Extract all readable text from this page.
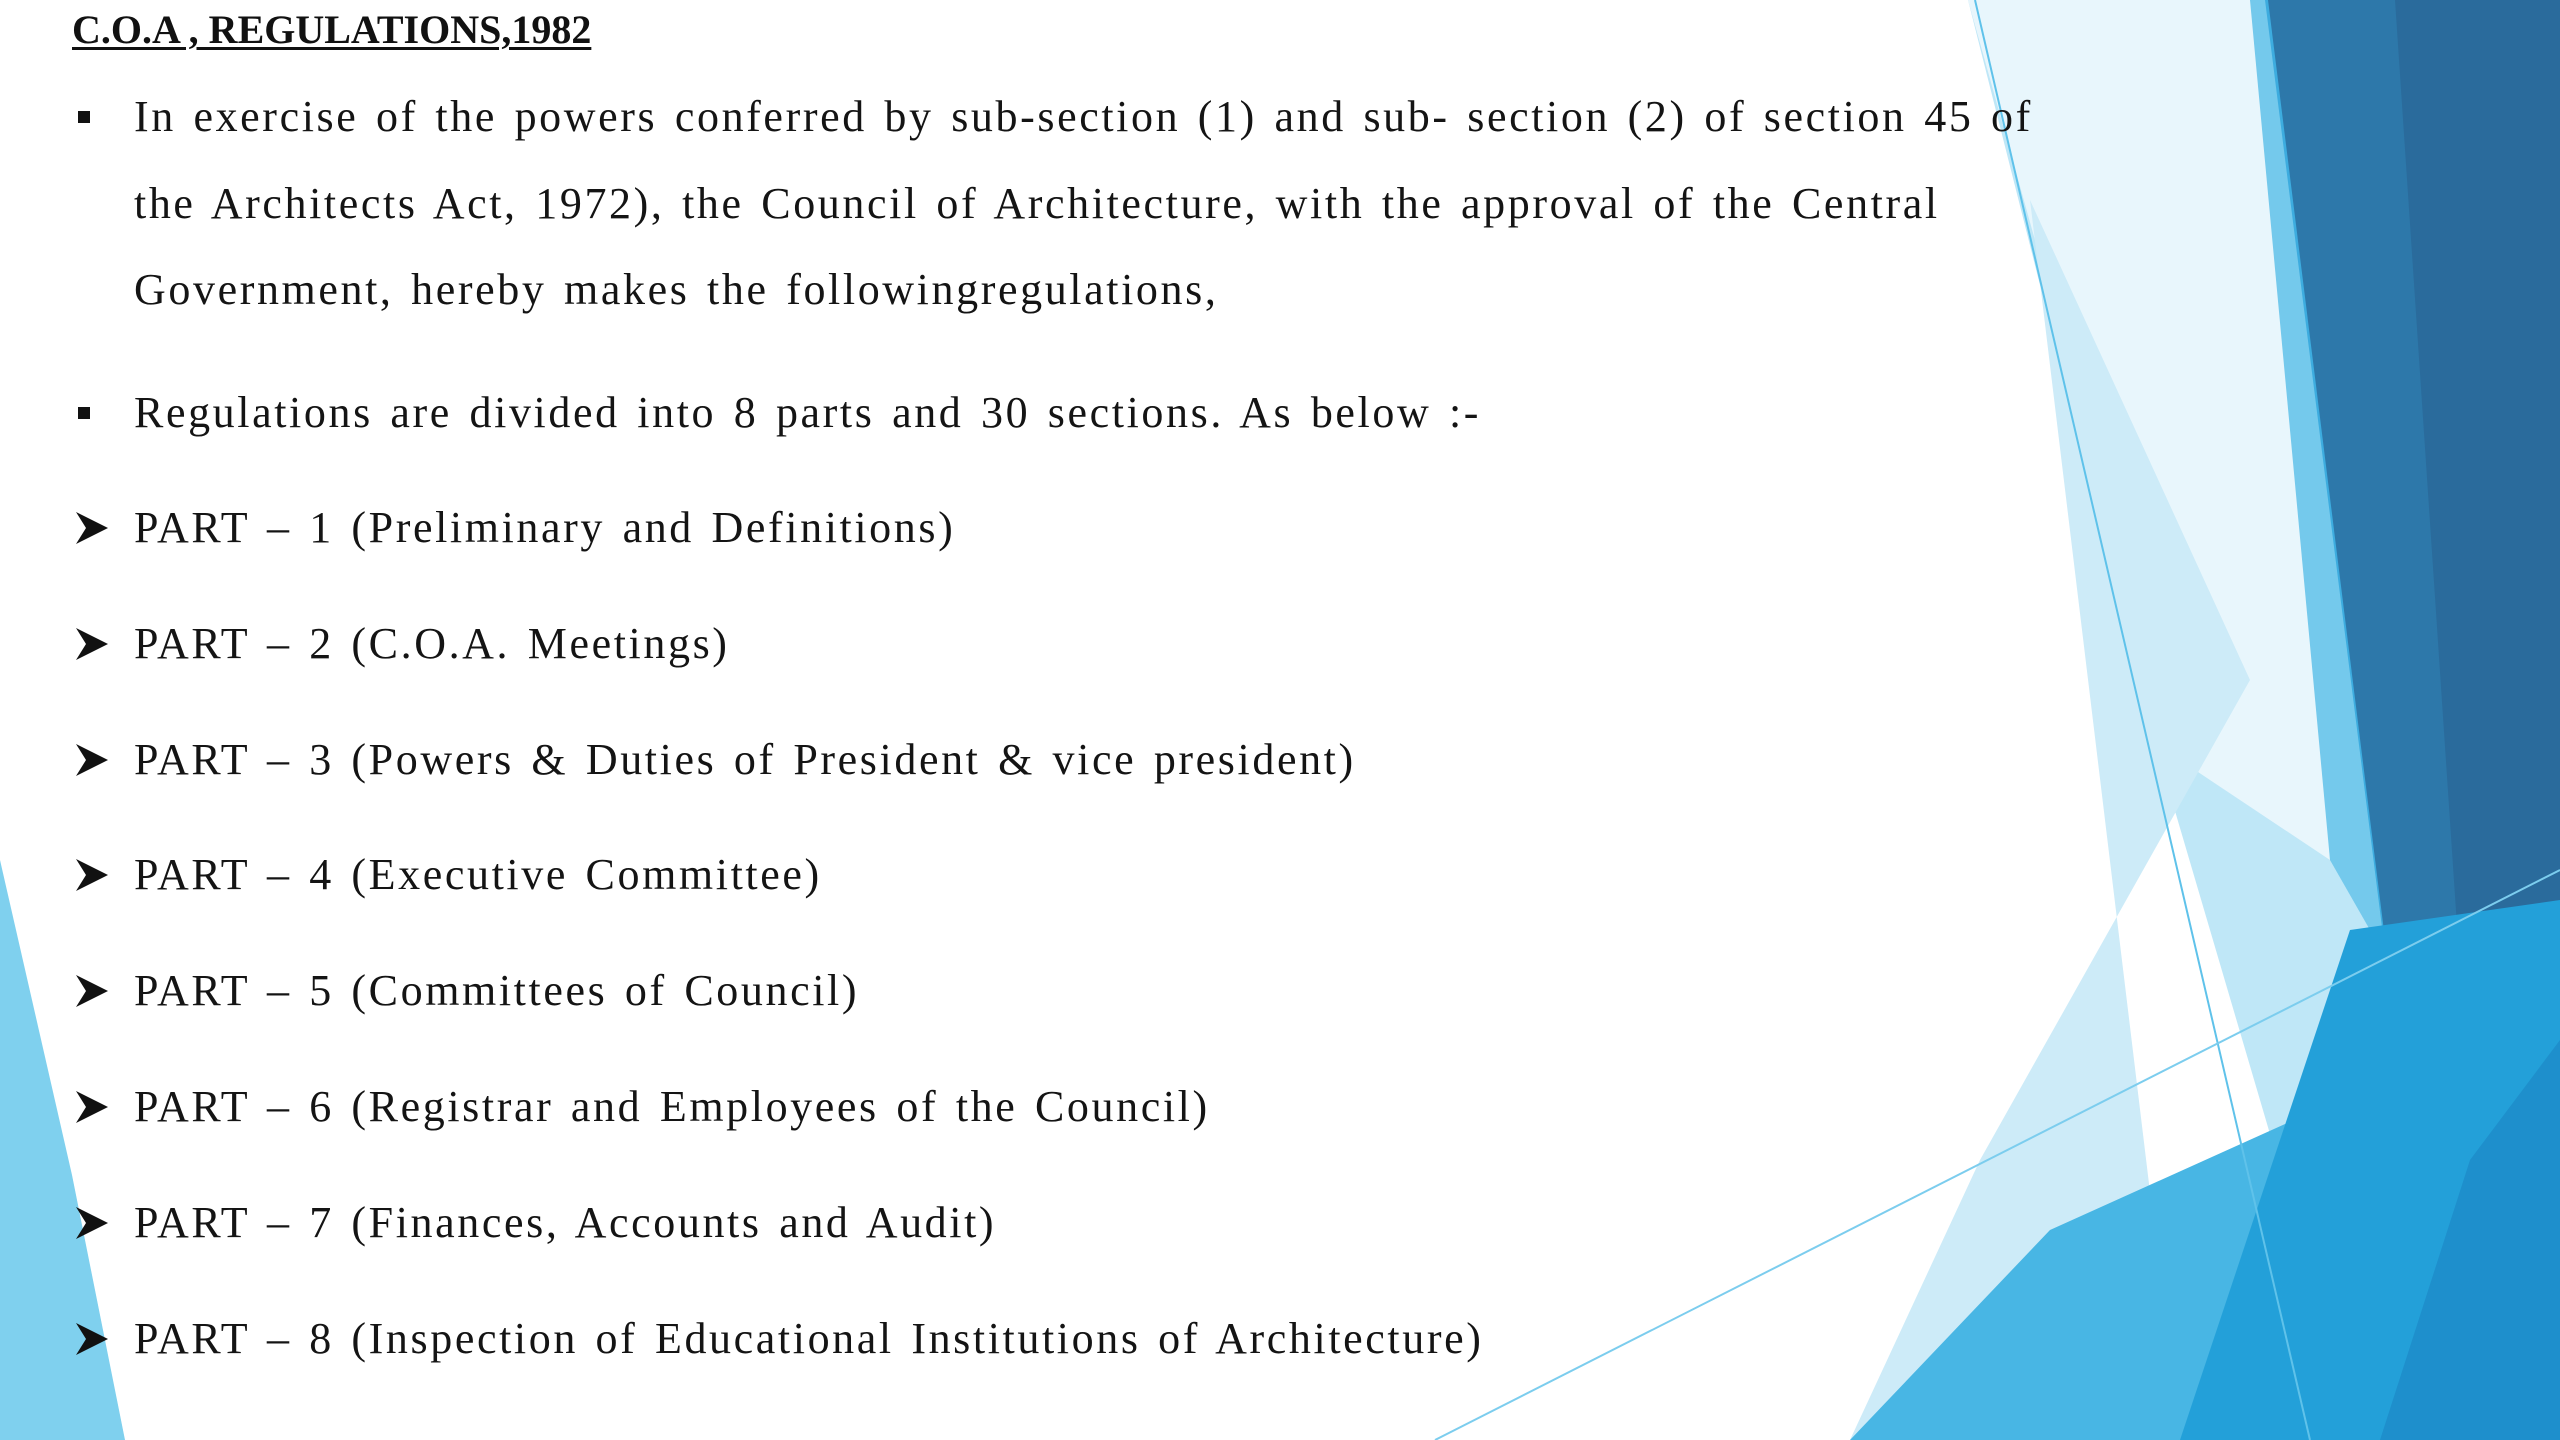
C.O.A , REGULATIONS,1982

In exercise of the powers conferred by sub-section (1) and sub- section (2) of section 45 of the Architects Act, 1972), the Council of Architecture, with the approval of the Central Government, hereby makes the followingregulations,

Regulations are divided into 8 parts and 30 sections. As below :-

PART – 1 (Preliminary and Definitions)
PART – 2 (C.O.A. Meetings)
PART – 3 (Powers & Duties of President & vice president)
PART – 4 (Executive Committee)
PART – 5 (Committees of Council)
PART – 6 (Registrar and Employees of the Council)
PART – 7 (Finances, Accounts and Audit)
PART – 8 (Inspection of Educational Institutions of Architecture)
